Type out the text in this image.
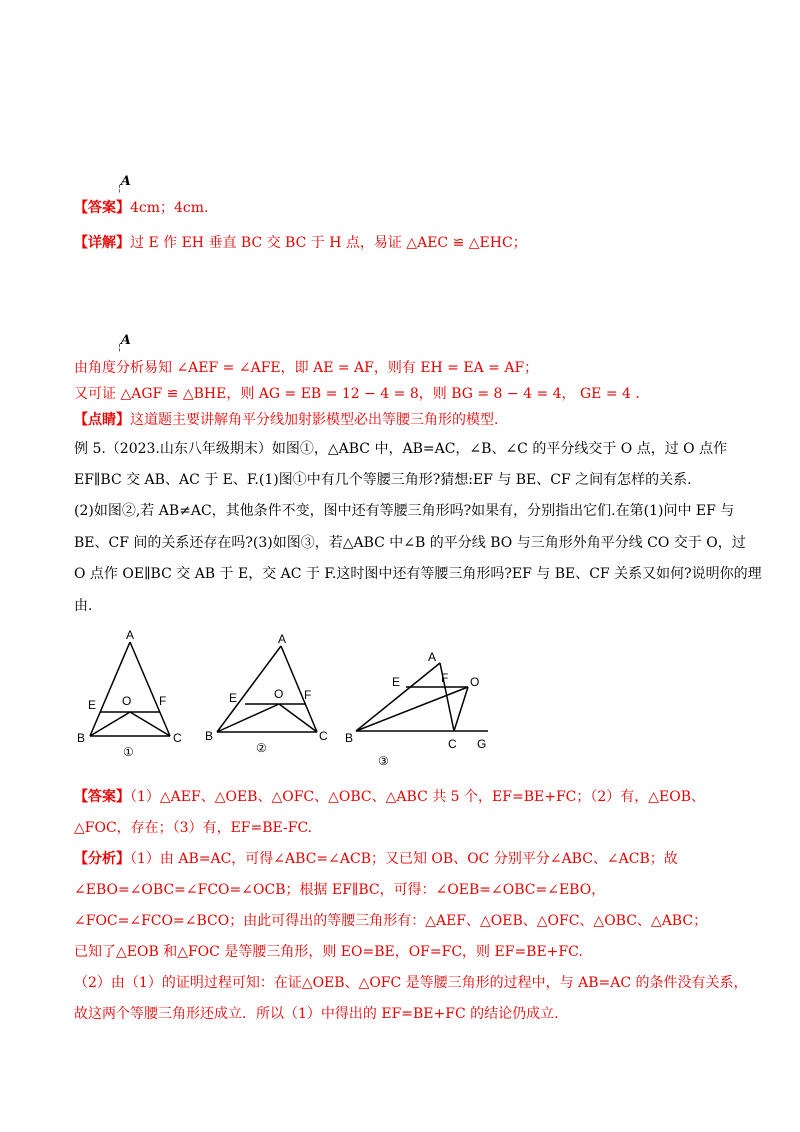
$_¦$A
$_¦$A
【答案】4cm；4cm.
【详解】过 E 作 EH 垂直 BC 交 BC 于 H 点，易证 △AEC ≌ △EHC；
由角度分析易知 ∠AEF = ∠AFE，即 AE = AF，则有 EH = EA = AF；
又可证 △AGF ≌ △BHE，则 AG = EB = 12 − 4 = 8，则 BG = 8 − 4 = 4， GE = 4 ．
【点睛】这道题主要讲解角平分线加射影模型必出等腰三角形的模型.
例 5.（2023.山东八年级期末）如图①，△ABC 中，AB=AC，∠B、∠C 的平分线交于 O 点，过 O 点作
EF∥BC 交 AB、AC 于 E、F.(1)图①中有几个等腰三角形?猜想:EF 与 BE、CF 之间有怎样的关系.
(2)如图②,若 AB≠AC，其他条件不变，图中还有等腰三角形吗?如果有，分别指出它们.在第(1)问中 EF 与
BE、CF 间的关系还存在吗?(3)如图③，若△ABC 中∠B 的平分线 BO 与三角形外角平分线 CO 交于 O，过
O 点作 OE∥BC 交 AB 于 E，交 AC 于 F.这时图中还有等腰三角形吗?EF 与 BE、CF 关系又如何?说明你的理
由.
A
E O F
B	C
①
A
E	O F
B	C
②
A
E	F O
B	C G
③
【答案】（1）△AEF、△OEB、△OFC、△OBC、△ABC 共 5 个，EF=BE+FC；（2）有，△EOB、
△FOC，存在；（3）有，EF=BE-FC.
【分析】（1）由 AB=AC，可得∠ABC=∠ACB；又已知 OB、OC 分别平分∠ABC、∠ACB；故
∠EBO=∠OBC=∠FCO=∠OCB；根据 EF∥BC，可得：∠OEB=∠OBC=∠EBO，
∠FOC=∠FCO=∠BCO；由此可得出的等腰三角形有：△AEF、△OEB、△OFC、△OBC、△ABC；
已知了△EOB 和△FOC 是等腰三角形，则 EO=BE，OF=FC，则 EF=BE+FC.
（2）由（1）的证明过程可知：在证△OEB、△OFC 是等腰三角形的过程中，与 AB=AC 的条件没有关系，
故这两个等腰三角形还成立．所以（1）中得出的 EF=BE+FC 的结论仍成立.
